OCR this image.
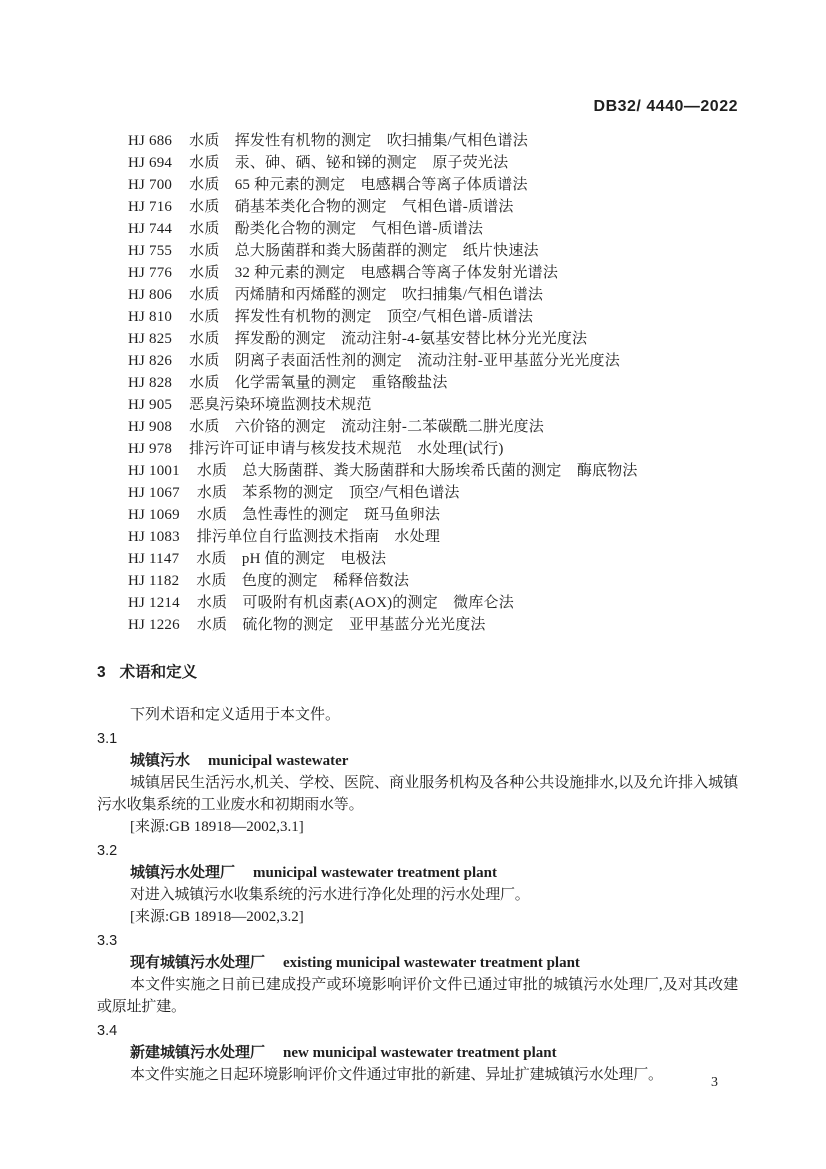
DB32/ 4440—2022
HJ 686 水质　挥发性有机物的测定　吹扫捕集/气相色谱法
HJ 694 水质　汞、砷、硒、铋和锑的测定　原子荧光法
HJ 700 水质　65 种元素的测定　电感耦合等离子体质谱法
HJ 716 水质　硝基苯类化合物的测定　气相色谱-质谱法
HJ 744 水质　酚类化合物的测定　气相色谱-质谱法
HJ 755 水质　总大肠菌群和粪大肠菌群的测定　纸片快速法
HJ 776 水质　32 种元素的测定　电感耦合等离子体发射光谱法
HJ 806 水质　丙烯腈和丙烯醛的测定　吹扫捕集/气相色谱法
HJ 810 水质　挥发性有机物的测定　顶空/气相色谱-质谱法
HJ 825 水质　挥发酚的测定　流动注射-4-氨基安替比林分光光度法
HJ 826 水质　阴离子表面活性剂的测定　流动注射-亚甲基蓝分光光度法
HJ 828 水质　化学需氧量的测定　重铬酸盐法
HJ 905 恶臭污染环境监测技术规范
HJ 908 水质　六价铬的测定　流动注射-二苯碳酰二肼光度法
HJ 978 排污许可证申请与核发技术规范　水处理(试行)
HJ 1001 水质　总大肠菌群、粪大肠菌群和大肠埃希氏菌的测定　酶底物法
HJ 1067 水质　苯系物的测定　顶空/气相色谱法
HJ 1069 水质　急性毒性的测定　斑马鱼卵法
HJ 1083 排污单位自行监测技术指南　水处理
HJ 1147 水质　pH 值的测定　电极法
HJ 1182 水质　色度的测定　稀释倍数法
HJ 1214 水质　可吸附有机卤素(AOX)的测定　微库仑法
HJ 1226 水质　硫化物的测定　亚甲基蓝分光光度法
3 术语和定义

下列术语和定义适用于本文件。

3.1
城镇污水 municipal wastewater

城镇居民生活污水,机关、学校、医院、商业服务机构及各种公共设施排水,以及允许排入城镇污水收集系统的工业废水和初期雨水等。

[来源:GB 18918—2002,3.1]

3.2
城镇污水处理厂 municipal wastewater treatment plant

对进入城镇污水收集系统的污水进行净化处理的污水处理厂。

[来源:GB 18918—2002,3.2]

3.3
现有城镇污水处理厂 existing municipal wastewater treatment plant

本文件实施之日前已建成投产或环境影响评价文件已通过审批的城镇污水处理厂,及对其改建或原址扩建。

3.4
新建城镇污水处理厂 new municipal wastewater treatment plant

本文件实施之日起环境影响评价文件通过审批的新建、异址扩建城镇污水处理厂。	3
